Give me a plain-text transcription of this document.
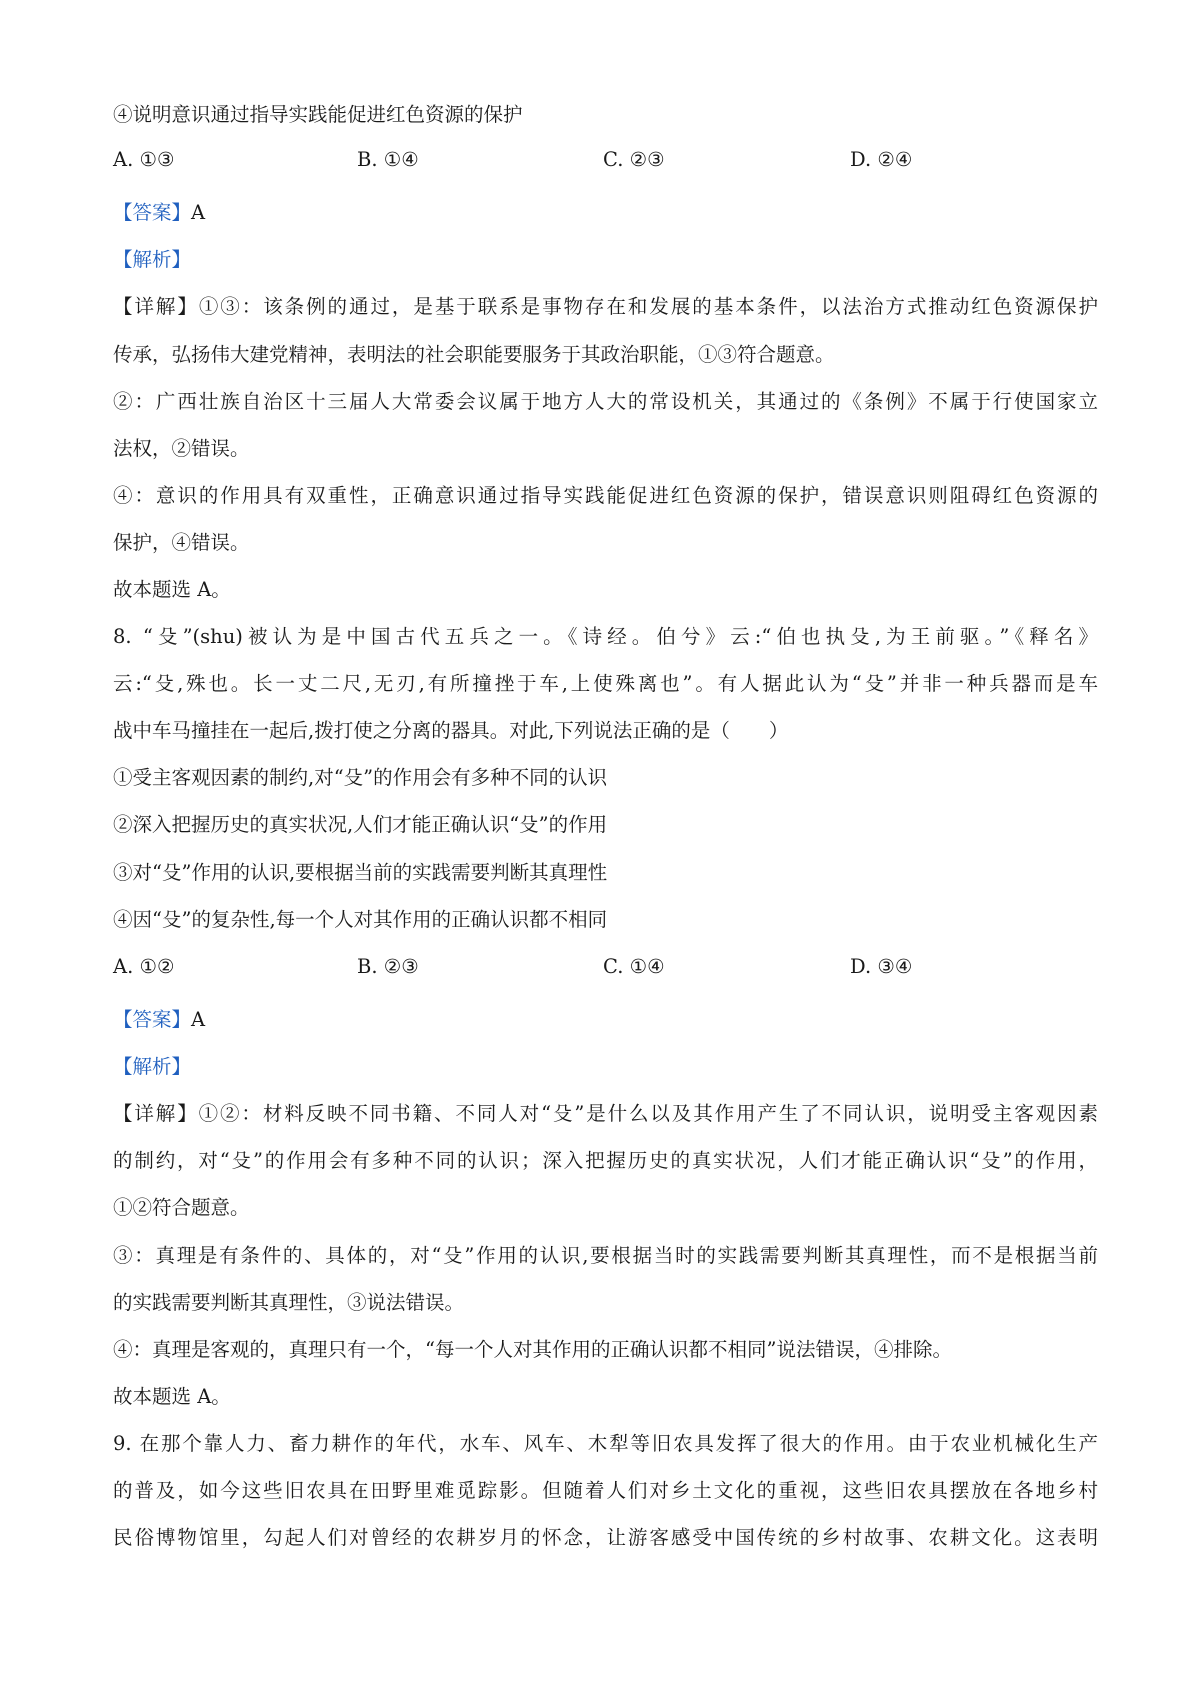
④说明意识通过指导实践能促进红色资源的保护
A. ①③	B. ①④	C. ②③	D. ②④
【答案】A
【解析】
【详解】①③：该条例的通过，是基于联系是事物存在和发展的基本条件，以法治方式推动红色资源保护
传承，弘扬伟大建党精神，表明法的社会职能要服务于其政治职能，①③符合题意。
②：广西壮族自治区十三届人大常委会议属于地方人大的常设机关，其通过的《条例》不属于行使国家立
法权，②错误。
④：意识的作用具有双重性，正确意识通过指导实践能促进红色资源的保护，错误意识则阻碍红色资源的
保护，④错误。
故本题选 A。
8. “殳”(shu)被认为是中国古代五兵之一。《诗经。伯兮》云:“伯也执殳,为王前驱。”《释名》
云:“殳,殊也。长一丈二尺,无刃,有所撞挫于车,上使殊离也”。有人据此认为“殳”并非一种兵器而是车
战中车马撞挂在一起后,拨打使之分离的器具。对此,下列说法正确的是（　　）
①受主客观因素的制约,对“殳”的作用会有多种不同的认识
②深入把握历史的真实状况,人们才能正确认识“殳”的作用
③对“殳”作用的认识,要根据当前的实践需要判断其真理性
④因“殳”的复杂性,每一个人对其作用的正确认识都不相同
A. ①②	B. ②③	C. ①④	D. ③④
【答案】A
【解析】
【详解】①②：材料反映不同书籍、不同人对“殳”是什么以及其作用产生了不同认识，说明受主客观因素
的制约，对“殳”的作用会有多种不同的认识；深入把握历史的真实状况，人们才能正确认识“殳”的作用，
①②符合题意。
③：真理是有条件的、具体的，对“殳”作用的认识,要根据当时的实践需要判断其真理性，而不是根据当前
的实践需要判断其真理性，③说法错误。
④：真理是客观的，真理只有一个，“每一个人对其作用的正确认识都不相同”说法错误，④排除。
故本题选 A。
9. 在那个靠人力、畜力耕作的年代，水车、风车、木犁等旧农具发挥了很大的作用。由于农业机械化生产
的普及，如今这些旧农具在田野里难觅踪影。但随着人们对乡土文化的重视，这些旧农具摆放在各地乡村
民俗博物馆里，勾起人们对曾经的农耕岁月的怀念，让游客感受中国传统的乡村故事、农耕文化。这表明
